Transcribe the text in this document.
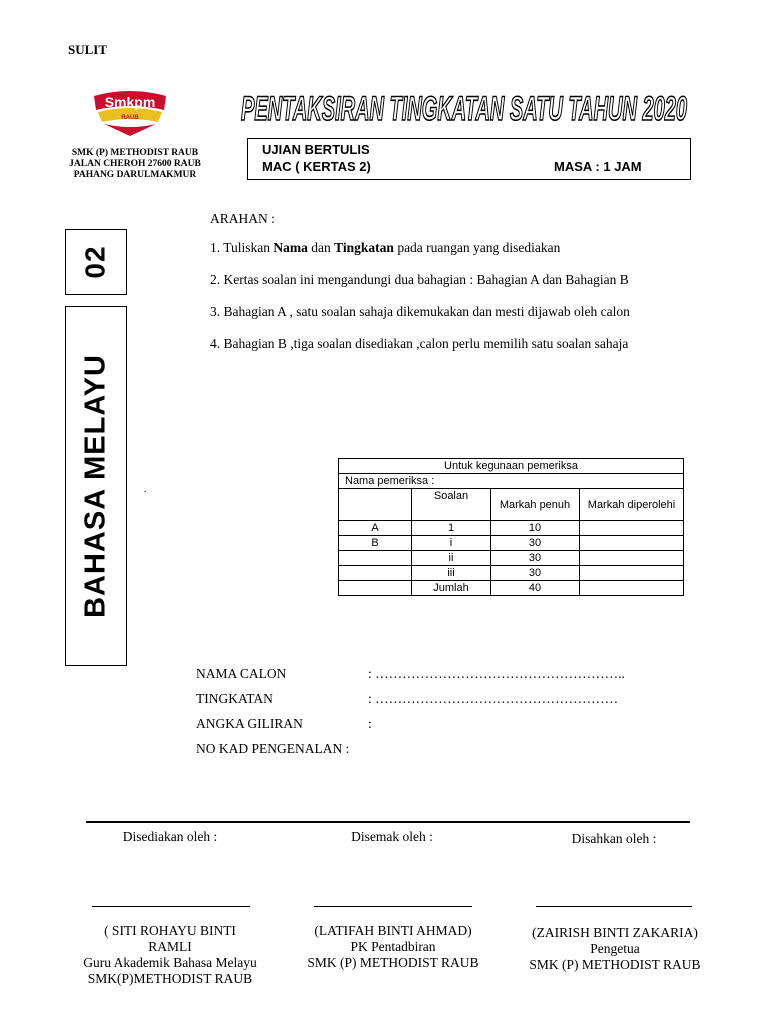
SULIT
Smkpm
RAUB
SMK (P) METHODIST RAUB
JALAN CHEROH 27600 RAUB
PAHANG DARULMAKMUR
PENTAKSIRAN TINGKATAN SATU TAHUN 2020
UJIAN BERTULIS
MAC ( KERTAS 2)	MASA : 1 JAM
02
BAHASA MELAYU	.

ARAHAN :

1. Tuliskan Nama dan Tingkatan pada ruangan yang disediakan

2. Kertas soalan ini mengandungi dua bahagian : Bahagian A dan Bahagian B

3. Bahagian A , satu soalan sahaja dikemukakan dan mesti dijawab oleh calon

4. Bahagian B ,tiga soalan disediakan ,calon perlu memilih satu soalan sahaja

Untuk kegunaan pemeriksa			
Nama pemeriksa :			
	Soalan	Markah penuh	Markah diperolehi
A	1	10	
B	i	30	
	ii	30	
	iii	30	
	Jumlah	40	
NAMA CALON	: ………………………………………………..
TINGKATAN	: ………………………………………………
ANGKA GILIRAN	:
NO KAD PENGENALAN :
Disediakan oleh :	Disemak oleh :	Disahkan oleh :
( SITI ROHAYU BINTI
RAMLI
Guru Akademik Bahasa Melayu
SMK(P)METHODIST RAUB
(LATIFAH BINTI AHMAD)
PK Pentadbiran
SMK (P) METHODIST RAUB
(ZAIRISH BINTI ZAKARIA)
Pengetua
SMK (P) METHODIST RAUB
